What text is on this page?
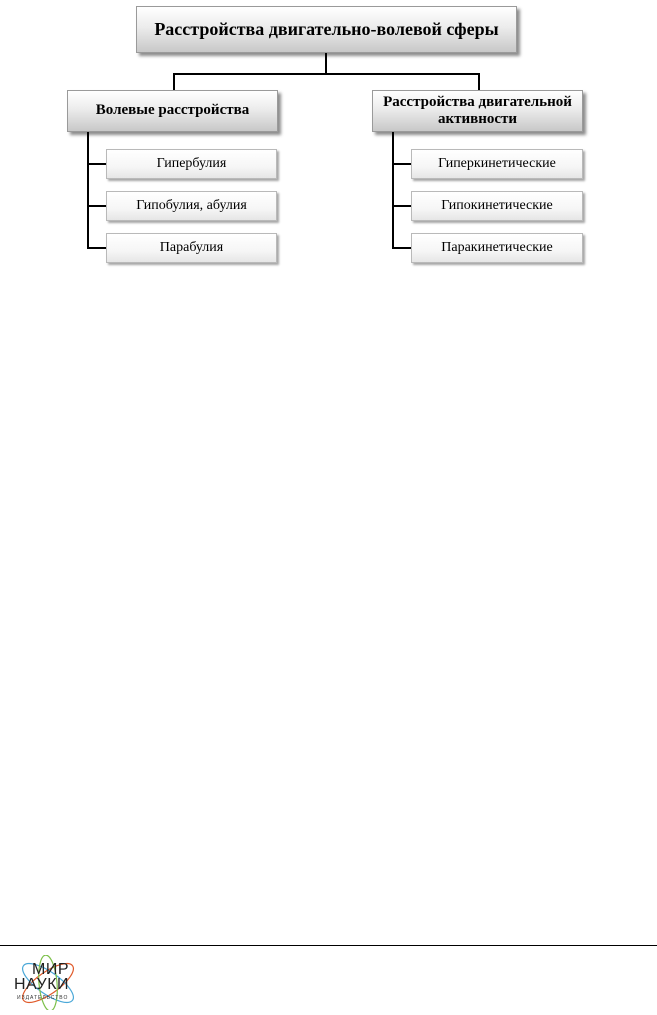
Расстройства двигательно-волевой сферы
Волевые расстройства
Расстройства двигательной активности
Гипербулия
Гипобулия, абулия
Парабулия
Гиперкинетические
Гипокинетические
Паракинетические
МИР
НАУКИ
ИЗДАТЕЛЬСТВО
